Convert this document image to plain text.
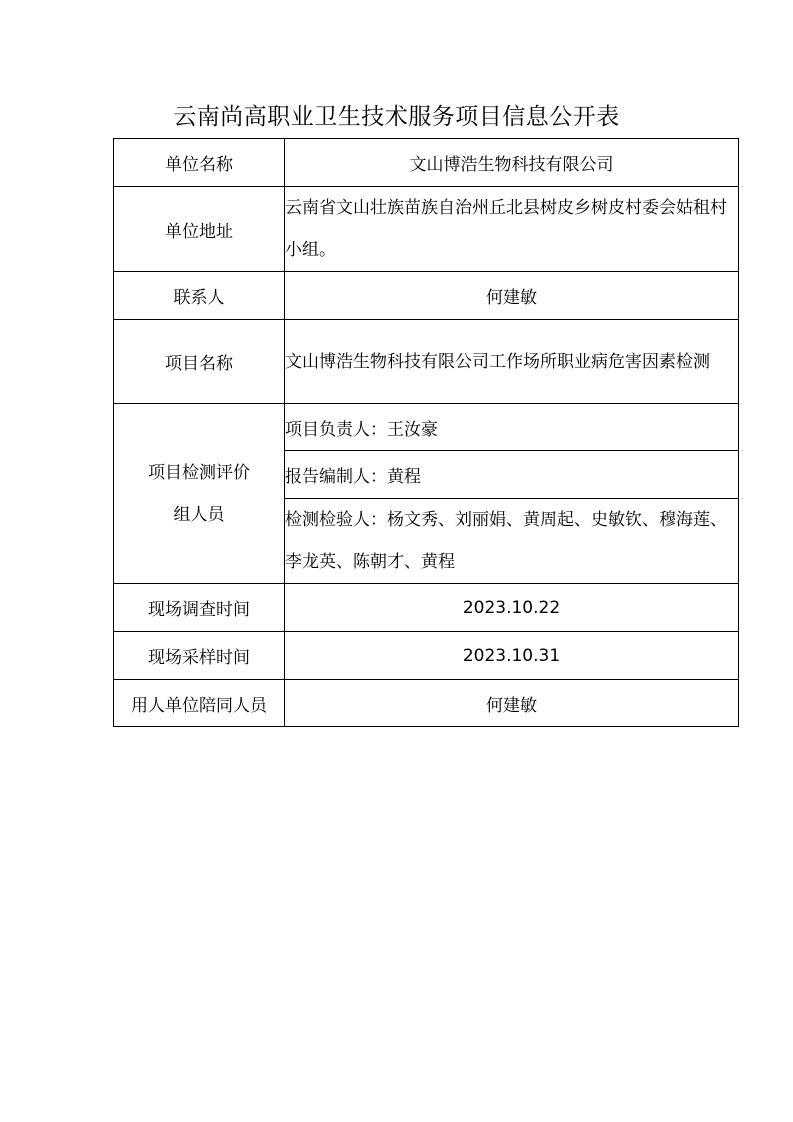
云南尚高职业卫生技术服务项目信息公开表
单位名称	文山博浩生物科技有限公司
单位地址	云南省文山壮族苗族自治州丘北县树皮乡树皮村委会姑租村小组。
联系人	何建敏
项目名称	文山博浩生物科技有限公司工作场所职业病危害因素检测

项目检测评价
组人员	项目负责人：王汝豪
	报告编制人：黄程
	检测检验人：杨文秀、刘丽娟、黄周起、史敏钦、穆海莲、李龙英、陈朝才、黄程
现场调查时间	2023.10.22
现场采样时间	2023.10.31
用人单位陪同人员	何建敏
